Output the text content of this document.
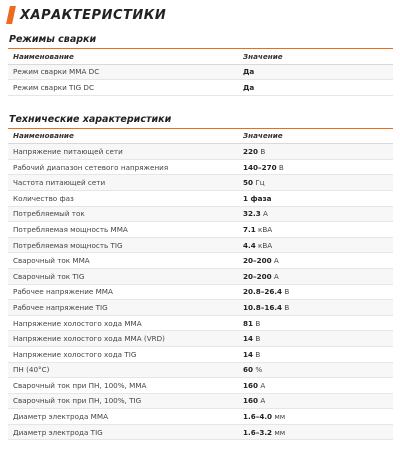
ХАРАКТЕРИСТИКИ
Режимы сварки
Наименование	Значение
Режим сварки MMA DC	Да
Режим сварки TIG DC	Да
Технические характеристики
Наименование	Значение
Напряжение питающей сети	220 В
Рабочий диапазон сетевого напряжения	140–270 В
Частота питающей сети	50 Гц
Количество фаз	1 фаза
Потребляемый ток	32.3 А
Потребляемая мощность MMA	7.1 кВА
Потребляемая мощность TIG	4.4 кВА
Сварочный ток MMA	20–200 А
Сварочный ток TIG	20–200 А
Рабочее напряжение MMA	20.8–26.4 В
Рабочее напряжение TIG	10.8–16.4 В
Напряжение холостого хода MMA	81 В
Напряжение холостого хода MMA (VRD)	14 В
Напряжение холостого хода TIG	14 В
ПН (40°C)	60 %
Сварочный ток при ПН, 100%, MMA	160 А
Сварочный ток при ПН, 100%, TIG	160 А
Диаметр электрода MMA	1.6–4.0 мм
Диаметр электрода TIG	1.6–3.2 мм
